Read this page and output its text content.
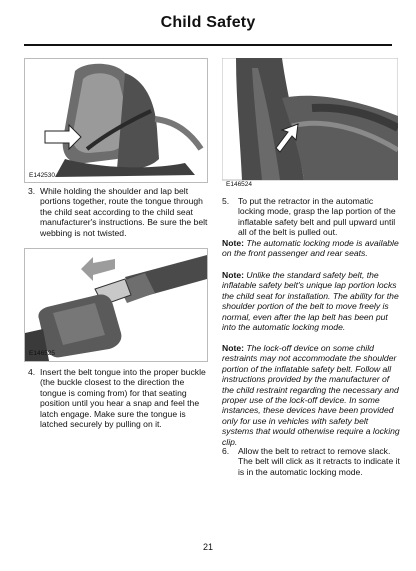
Child Safety
E142530
3. While holding the shoulder and lap belt portions together, route the tongue through the child seat according to the child seat manufacturer's instructions. Be sure the belt webbing is not twisted.
E146525
4. Insert the belt tongue into the proper buckle (the buckle closest to the direction the tongue is coming from) for that seating position until you hear a snap and feel the latch engage. Make sure the tongue is latched securely by pulling on it.
E146524
5. To put the retractor in the automatic locking mode, grasp the lap portion of the inflatable safety belt and pull upward until all of the belt is pulled out.
Note: The automatic locking mode is available on the front passenger and rear seats.
Note: Unlike the standard safety belt, the inflatable safety belt's unique lap portion locks the child seat for installation. The ability for the shoulder portion of the belt to move freely is normal, even after the lap belt has been put into the automatic locking mode.
Note: The lock-off device on some child restraints may not accommodate the shoulder portion of the inflatable safety belt. Follow all instructions provided by the manufacturer of the child restraint regarding the necessary and proper use of the lock-off device. In some instances, these devices have been provided only for use in vehicles with safety belt systems that would otherwise require a locking clip.
6. Allow the belt to retract to remove slack. The belt will click as it retracts to indicate it is in the automatic locking mode.
21
